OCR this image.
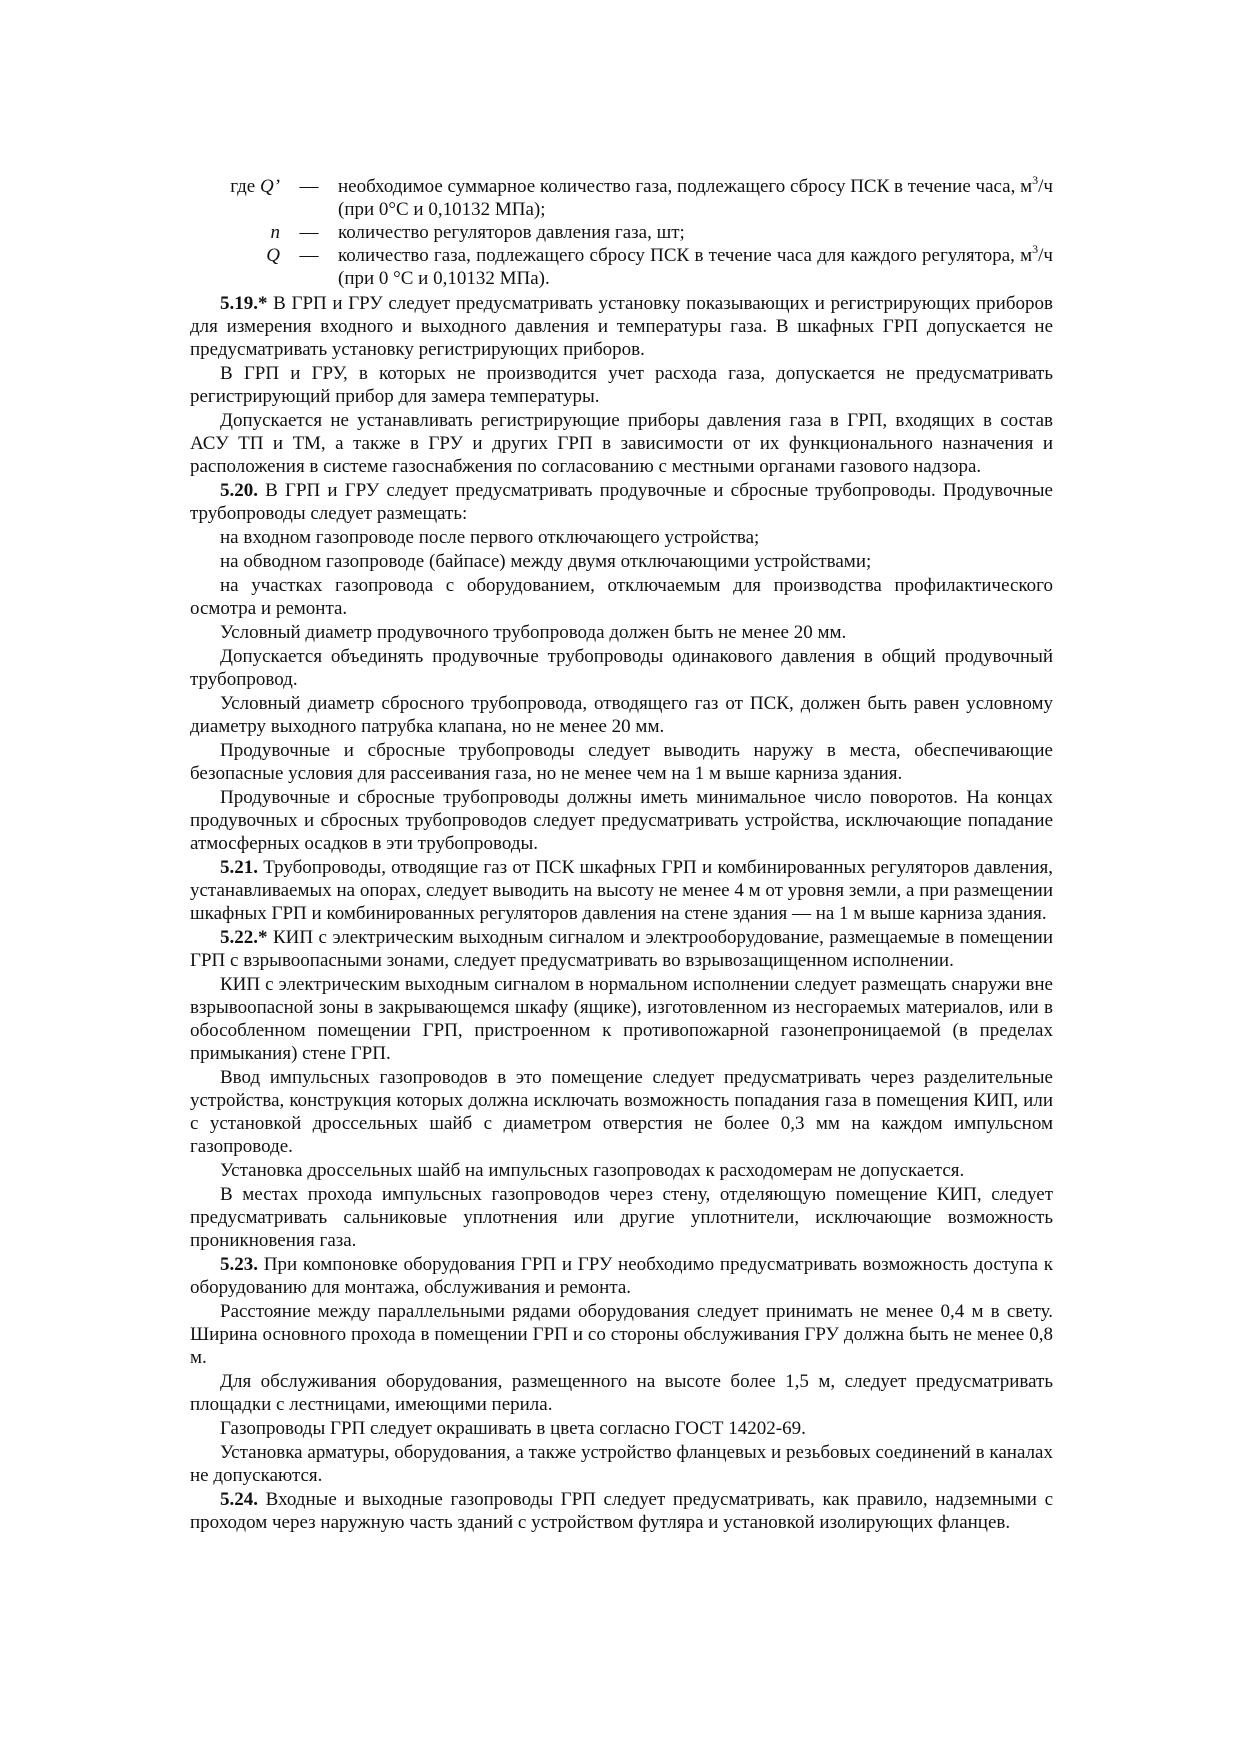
где Q’	—	необходимое суммарное количество газа, подлежащего сбросу ПСК в течение часа, $м^3/ч$ (при 0°С и 0,10132 МПа);
n	—	количество регуляторов давления газа, шт;
Q	—	количество газа, подлежащего сбросу ПСК в течение часа для каждого регулятора, $м^3/ч$ (при 0 °С и 0,10132 МПа).

5.19.* В ГРП и ГРУ следует предусматривать установку показывающих и регистрирующих приборов для измерения входного и выходного давления и температуры газа. В шкафных ГРП допускается не предусматривать установку регистрирующих приборов.

В ГРП и ГРУ, в которых не производится учет расхода газа, допускается не предусматривать регистрирующий прибор для замера температуры.

Допускается не устанавливать регистрирующие приборы давления газа в ГРП, входящих в состав АСУ ТП и ТМ, а также в ГРУ и других ГРП в зависимости от их функционального назначения и расположения в системе газоснабжения по согласованию с местными органами газового надзора.

5.20. В ГРП и ГРУ следует предусматривать продувочные и сбросные трубопроводы. Продувочные трубопроводы следует размещать:

на входном газопроводе после первого отключающего устройства;

на обводном газопроводе (байпасе) между двумя отключающими устройствами;

на участках газопровода с оборудованием, отключаемым для производства профилактического осмотра и ремонта.

Условный диаметр продувочного трубопровода должен быть не менее 20 мм.

Допускается объединять продувочные трубопроводы одинакового давления в общий продувочный трубопровод.

Условный диаметр сбросного трубопровода, отводящего газ от ПСК, должен быть равен условному диаметру выходного патрубка клапана, но не менее 20 мм.

Продувочные и сбросные трубопроводы следует выводить наружу в места, обеспечивающие безопасные условия для рассеивания газа, но не менее чем на 1 м выше карниза здания.

Продувочные и сбросные трубопроводы должны иметь минимальное число поворотов. На концах продувочных и сбросных трубопроводов следует предусматривать устройства, исключающие попадание атмосферных осадков в эти трубопроводы.

5.21. Трубопроводы, отводящие газ от ПСК шкафных ГРП и комбинированных регуляторов давления, устанавливаемых на опорах, следует выводить на высоту не менее 4 м от уровня земли, а при размещении шкафных ГРП и комбинированных регуляторов давления на стене здания — на 1 м выше карниза здания.

5.22.* КИП с электрическим выходным сигналом и электрооборудование, размещаемые в помещении ГРП с взрывоопасными зонами, следует предусматривать во взрывозащищенном исполнении.

КИП с электрическим выходным сигналом в нормальном исполнении следует размещать снаружи вне взрывоопасной зоны в закрывающемся шкафу (ящике), изготовленном из несгораемых материалов, или в обособленном помещении ГРП, пристроенном к противопожарной газонепроницаемой (в пределах примыкания) стене ГРП.

Ввод импульсных газопроводов в это помещение следует предусматривать через разделительные устройства, конструкция которых должна исключать возможность попадания газа в помещения КИП, или с установкой дроссельных шайб с диаметром отверстия не более 0,3 мм на каждом импульсном газопроводе.

Установка дроссельных шайб на импульсных газопроводах к расходомерам не допускается.

В местах прохода импульсных газопроводов через стену, отделяющую помещение КИП, следует предусматривать сальниковые уплотнения или другие уплотнители, исключающие возможность проникновения газа.

5.23. При компоновке оборудования ГРП и ГРУ необходимо предусматривать возможность доступа к оборудованию для монтажа, обслуживания и ремонта.

Расстояние между параллельными рядами оборудования следует принимать не менее 0,4 м в свету. Ширина основного прохода в помещении ГРП и со стороны обслуживания ГРУ должна быть не менее 0,8 м.

Для обслуживания оборудования, размещенного на высоте более 1,5 м, следует предусматривать площадки с лестницами, имеющими перила.

Газопроводы ГРП следует окрашивать в цвета согласно ГОСТ 14202-69.

Установка арматуры, оборудования, а также устройство фланцевых и резьбовых соединений в каналах не допускаются.

5.24. Входные и выходные газопроводы ГРП следует предусматривать, как правило, надземными с проходом через наружную часть зданий с устройством футляра и установкой изолирующих фланцев.
